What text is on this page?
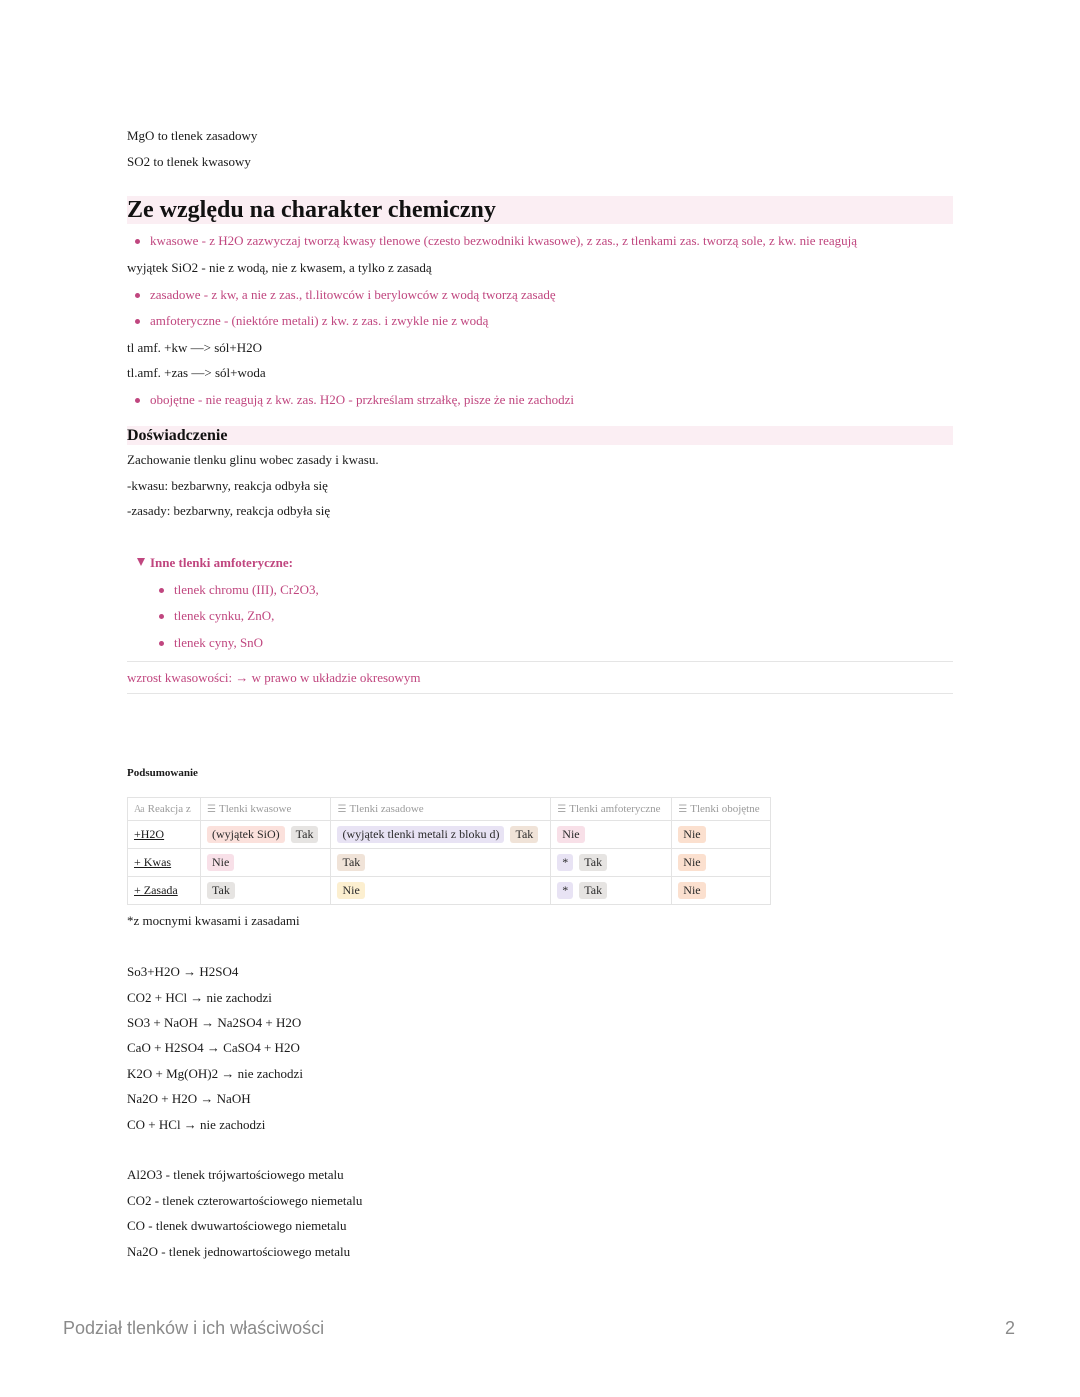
MgO to tlenek zasadowy
SO2 to tlenek kwasowy
Ze względu na charakter chemiczny
kwasowe - z H2O zazwyczaj tworzą kwasy tlenowe (czesto bezwodniki kwasowe), z zas., z tlenkami zas. tworzą sole, z kw. nie reagują
wyjątek SiO2 - nie z wodą, nie z kwasem, a tylko z zasadą
zasadowe - z kw, a nie z zas., tl.litowców i berylowców z wodą tworzą zasadę
amfoteryczne - (niektóre metali) z kw. z zas. i zwykle nie z wodą
tl amf. +kw —> sól+H2O
tl.amf. +zas —> sól+woda
obojętne - nie reagują z kw. zas. H2O - przkreślam strzałkę, pisze że nie zachodzi
Doświadczenie
Zachowanie tlenku glinu wobec zasady i kwasu.
-kwasu: bezbarwny, reakcja odbyła się
-zasady: bezbarwny, reakcja odbyła się
Inne tlenki amfoteryczne:
tlenek chromu (III), Cr2O3,
tlenek cynku, ZnO,
tlenek cyny, SnO
wzrost kwasowości: → w prawo w układzie okresowym
Podsumowanie
Aa Reakcja z	☰ Tlenki kwasowe	☰ Tlenki zasadowe	☰ Tlenki amfoteryczne	☰ Tlenki obojętne
+H2O	(wyjątek SiO) Tak	(wyjątek tlenki metali z bloku d) Tak	Nie	Nie
+ Kwas	Nie	Tak	* Tak	Nie
+ Zasada	Tak	Nie	* Tak	Nie
*z mocnymi kwasami i zasadami
So3+H2O → H2SO4
CO2 + HCl → nie zachodzi
SO3 + NaOH → Na2SO4 + H2O
CaO + H2SO4 → CaSO4 + H2O
K2O + Mg(OH)2 → nie zachodzi
Na2O + H2O → NaOH
CO + HCl → nie zachodzi
Al2O3 - tlenek trójwartościowego metalu
CO2 - tlenek czterowartościowego niemetalu
CO - tlenek dwuwartościowego niemetalu
Na2O - tlenek jednowartościowego metalu
Podział tlenków i ich właściwości	2
